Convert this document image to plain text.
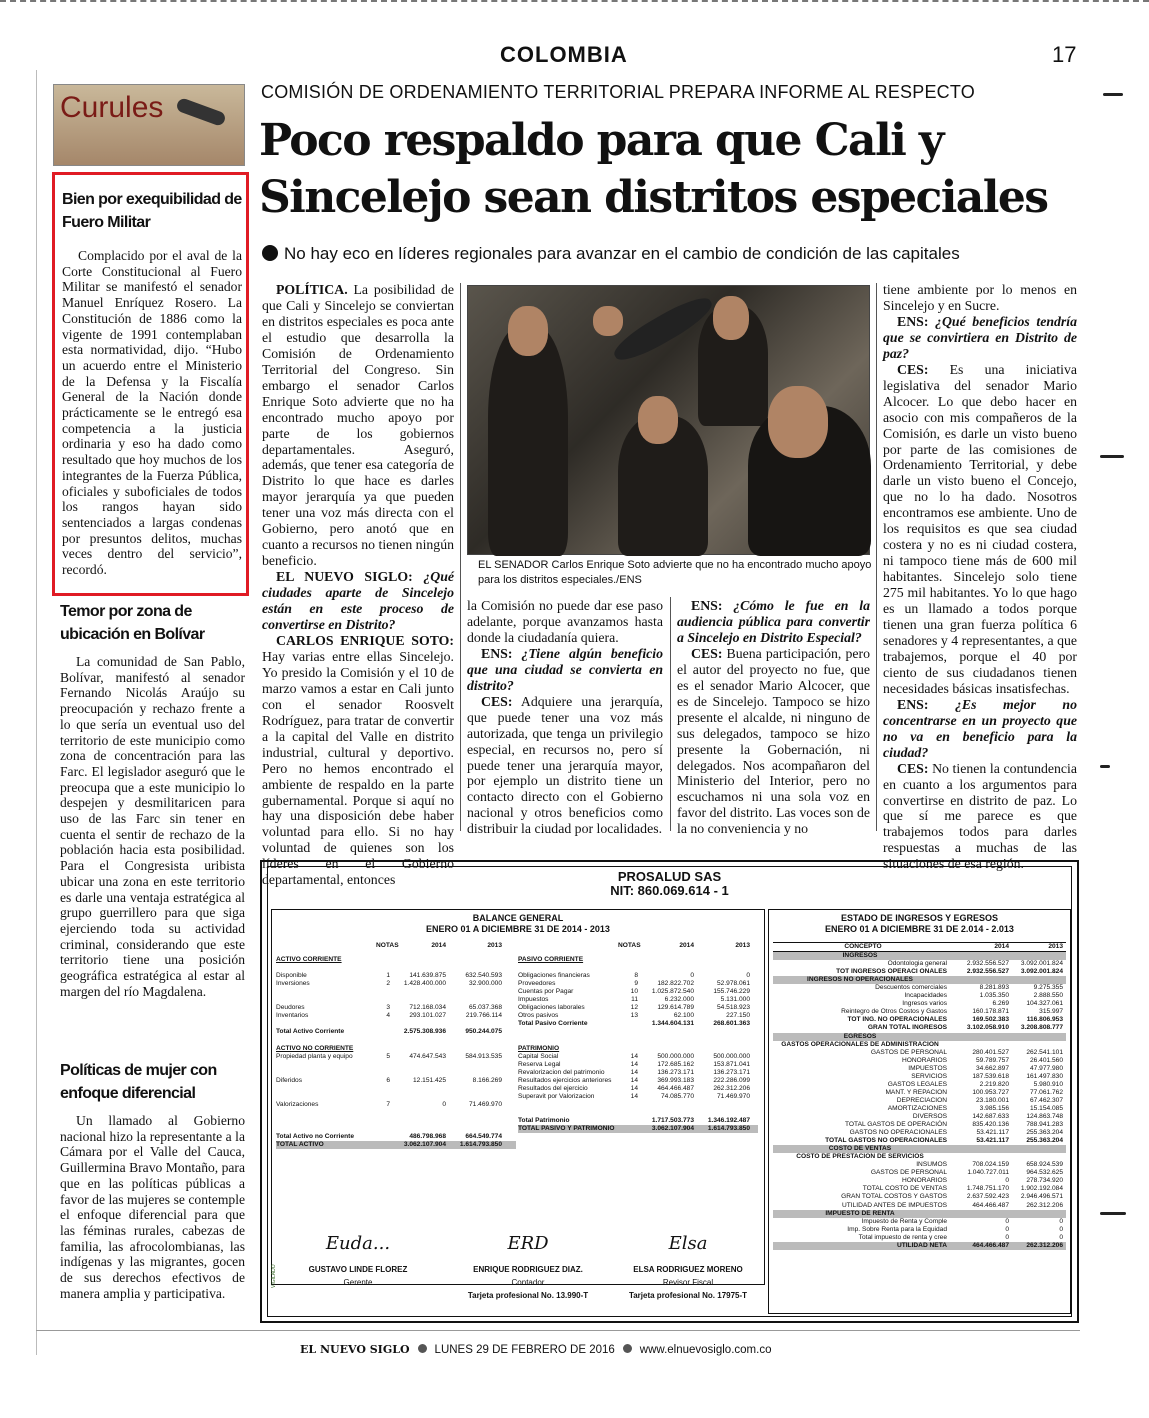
COLOMBIA	17
Curules
Bien por exequibilidad de Fuero Militar
Complacido por el aval de la Corte Constitucional al Fuero Militar se manifestó el senador Manuel Enríquez Rosero. La Constitución de 1886 como la vigente de 1991 contemplaban esta normatividad, dijo. “Hubo un acuerdo entre el Ministerio de la Defensa y la Fiscalía General de la Nación donde prácticamente se le entregó esa competencia a la justicia ordinaria y eso ha dado como resultado que hoy muchos de los integrantes de la Fuerza Pública, oficiales y suboficiales de todos los rangos hayan sido sentenciados a largas condenas por presuntos delitos, muchas veces dentro del servicio”, recordó.
Temor por zona de ubicación en Bolívar
La comunidad de San Pablo, Bolívar, manifestó al senador Fernando Nicolás Araújo su preocupación y rechazo frente a lo que sería un eventual uso del territorio de este municipio como zona de concentración para las Farc. El legislador aseguró que le preocupa que a este municipio lo despejen y desmilitaricen para uso de las Farc sin tener en cuenta el sentir de rechazo de la población hacia esta posibilidad. Para el Congresista uribista ubicar una zona en este territorio es darle una ventaja estratégica al grupo guerrillero para que siga ejerciendo toda su actividad criminal, considerando que este territorio tiene una posición geográfica estratégica al estar al margen del río Magdalena.
Políticas de mujer con enfoque diferencial
Un llamado al Gobierno nacional hizo la representante a la Cámara por el Valle del Cauca, Guillermina Bravo Montaño, para que en las políticas públicas a favor de las mujeres se contemple el enfoque diferencial para que las féminas rurales, cabezas de familia, las afrocolombianas, las indígenas y las migrantes, gocen de sus derechos efectivos de manera amplia y participativa.
COMISIÓN DE ORDENAMIENTO TERRITORIAL PREPARA INFORME AL RESPECTO
Poco respaldo para que Cali y Sincelejo sean distritos especiales
No hay eco en líderes regionales para avanzar en el cambio de condición de las capitales

POLÍTICA. La posibilidad de que Cali y Sincelejo se conviertan en distritos especiales es poca ante el estudio que desarrolla la Comisión de Ordenamiento Territorial del Congreso. Sin embargo el senador Carlos Enrique Soto advierte que no ha encontrado mucho apoyo por parte de los gobiernos departamentales. Aseguró, además, que tener esa categoría de Distrito lo que hace es darles mayor jerarquía ya que pueden tener una voz más directa con el Gobierno, pero anotó que en cuanto a recursos no tienen ningún beneficio.

EL NUEVO SIGLO: ¿Qué ciudades aparte de Sincelejo están en este proceso de convertirse en Distrito?

CARLOS ENRIQUE SOTO: Hay varias entre ellas Sincelejo. Yo presido la Comisión y el 10 de marzo vamos a estar en Cali junto con el senador Roosvelt Rodríguez, para tratar de convertir a la capital del Valle en distrito industrial, cultural y deportivo. Pero no hemos encontrado el ambiente de respaldo en la parte gubernamental. Porque si aquí no hay una disposición debe haber voluntad para ello. Si no hay voluntad de quienes son los líderes en el Gobierno departamental, entonces

EL SENADOR Carlos Enrique Soto advierte que no ha encontrado mucho apoyo para los distritos especiales./ENS

la Comisión no puede dar ese paso adelante, porque avanzamos hasta donde la ciudadanía quiera.

ENS: ¿Tiene algún beneficio que una ciudad se convierta en distrito?

CES: Adquiere una jerarquía, que puede tener una voz más autorizada, que tenga un privilegio especial, en recursos no, pero sí puede tener una jerarquía mayor, por ejemplo un distrito tiene un contacto directo con el Gobierno nacional y otros beneficios como distribuir la ciudad por localidades.

ENS: ¿Cómo le fue en la audiencia pública para convertir a Sincelejo en Distrito Especial?

CES: Buena participación, pero el autor del proyecto no fue, que es el senador Mario Alcocer, que es de Sincelejo. Tampoco se hizo presente el alcalde, ni ninguno de sus delegados, tampoco se hizo presente la Gobernación, ni delegados. Nos acompañaron del Ministerio del Interior, pero no escuchamos ni una sola voz en favor del distrito. Las voces son de la no conveniencia y no

tiene ambiente por lo menos en Sincelejo y en Sucre.

ENS: ¿Qué beneficios tendría que se convirtiera en Distrito de paz?

CES: Es una iniciativa legislativa del senador Mario Alcocer. Lo que debo hacer en asocio con mis compañeros de la Comisión, es darle un visto bueno por parte de las comisiones de Ordenamiento Territorial, y debe darle un visto bueno el Concejo, que no lo ha dado. Nosotros encontramos ese ambiente. Uno de los requisitos es que sea ciudad costera y no es ni ciudad costera, ni tampoco tiene más de 600 mil habitantes. Sincelejo solo tiene 275 mil habitantes. Yo lo que hago es un llamado a todos porque tienen una gran fuerza política 6 senadores y 4 representantes, a que trabajemos, porque el 40 por ciento de sus ciudadanos tienen necesidades básicas insatisfechas.

ENS: ¿Es mejor no concentrarse en un proyecto que no va en beneficio para la ciudad?

CES: No tienen la contundencia en cuanto a los argumentos para convertirse en distrito de paz. Lo que sí me parece es que trabajemos todos para darles respuestas a muchas de las situaciones de esa región.

PROSALUD SAS
NIT: 860.069.614 - 1
BALANCE GENERAL
ENERO 01 A DICIEMBRE 31 DE 2014 - 2013
ESTADO DE INGRESOS Y EGRESOS
ENERO 01 A DICIEMBRE 31 DE 2.014 - 2.013
NOTAS	2014	2013
ACTIVO CORRIENTE
Disponible	1	141.639.875	632.540.593
Inversiones	2	1.428.400.000	32.900.000
Deudores	3	712.168.034	65.037.368
Inventarios	4	293.101.027	219.766.114
Total Activo Corriente	2.575.308.936	950.244.075
ACTIVO NO CORRIENTE
Propiedad planta y equipo	5	474.647.543	584.913.535
Diferidos	6	12.151.425	8.166.269
Valorizaciones	7	0	71.469.970
Total Activo no Corriente	486.798.968	664.549.774
TOTAL ACTIVO	3.062.107.904	1.614.793.850
NOTAS	2014	2013
PASIVO CORRIENTE
Obligaciones financieras	8	0	0
Proveedores	9	182.822.702	52.978.061
Cuentas por Pagar	10	1.025.872.540	155.746.229
Impuestos	11	6.232.000	5.131.000
Obligaciones laborales	12	129.614.789	54.518.923
Otros pasivos	13	62.100	227.150
Total Pasivo Corriente	1.344.604.131	268.601.363
PATRIMONIO
Capital Social	14	500.000.000	500.000.000
Reserva Legal	14	172.685.162	153.871.041
Revalorizacion del patrimonio	14	136.273.171	136.273.171
Resultados ejercicios anteriores	14	369.993.183	222.286.099
Resultados del ejercicio	14	464.466.487	262.312.206
Superavit por Valorizacion	14	74.085.770	71.469.970
Total Patrimonio	1.717.503.773	1.346.192.487
TOTAL PASIVO Y PATRIMONIO	3.062.107.904	1.614.793.850
CONCEPTO	2014	2013
INGRESOS
Odontologia general	2.932.556.527	3.092.001.824
TOT INGRESOS OPERACI ONALES	2.932.556.527	3.092.001.824
INGRESOS NO OPERACIONALES
Descuentos comerciales	8.281.893	9.275.355
Incapacidades	1.035.350	2.888.550
Ingresos varios	6.269	104.327.061
Reintegro de Otros Costos y Gastos	160.178.871	315.997
TOT ING. NO OPERACIONALES	169.502.383	116.806.953
GRAN TOTAL INGRESOS	3.102.058.910	3.208.808.777
EGRESOS
GASTOS OPERACIONALES DE ADMINISTRACION
GASTOS DE PERSONAL	280.401.527	262.541.101
HONORARIOS	59.789.757	26.401.560
IMPUESTOS	34.662.897	47.977.980
SERVICIOS	187.539.618	161.497.830
GASTOS LEGALES	2.219.820	5.980.910
MANT. Y REPACION	100.953.727	77.061.762
DEPRECIACION	23.180.001	67.462.307
AMORTIZACIONES	3.985.156	15.154.085
DIVERSOS	142.687.633	124.863.748
TOTAL GASTOS DE OPERACIÓN	835.420.136	788.941.283
GASTOS NO OPERACIONALES	53.421.117	255.363.204
TOTAL GASTOS NO OPERACIONALES	53.421.117	255.363.204
COSTO DE VENTAS
COSTO DE PRESTACION DE SERVICIOS
INSUMOS	708.024.159	658.924.539
GASTOS DE PERSONAL	1.040.727.011	964.532.625
HONORARIOS	0	278.734.920
TOTAL COSTO DE VENTAS	1.748.751.170	1.902.192.084
GRAN TOTAL COSTOS Y GASTOS	2.637.592.423	2.946.496.571
UTILIDAD ANTES DE IMPUESTOS	464.466.487	262.312.206
IMPUESTO DE RENTA
Impuesto de Renta y Comple	0	0
Imp. Sobre Renta para la Equidad	0	0
Total impuesto de renta y cree	0	0
UTILIDAD NETA	464.466.487	262.312.206
VIGILADO
Euda...
GUSTAVO LINDE FLOREZ
Gerente
ERD
ENRIQUE RODRIGUEZ DIAZ.
Contador
Tarjeta profesional No. 13.990-T
Elsa
ELSA RODRIGUEZ MORENO
Revisor Fiscal
Tarjeta profesional No. 17975-T
EL NUEVO SIGLO LUNES 29 DE FEBRERO DE 2016 www.elnuevosiglo.com.co
